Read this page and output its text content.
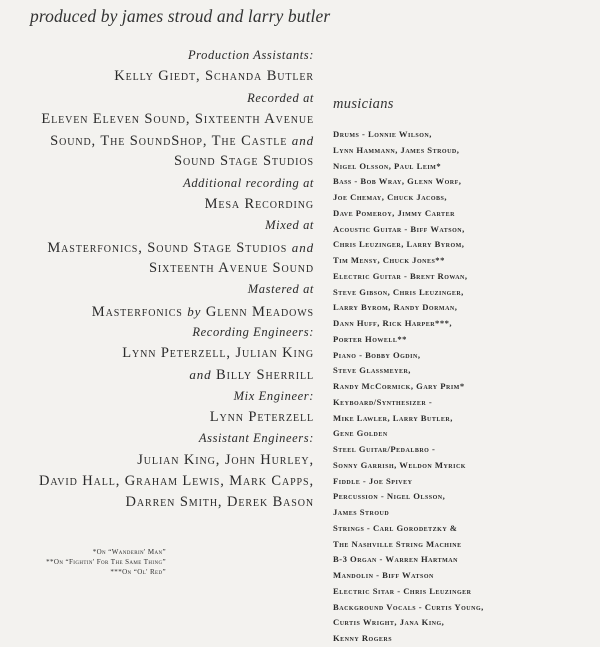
produced by james stroud and larry butler
Production Assistants:
Kelly Giedt, Schanda Butler
Recorded at
Eleven Eleven Sound, Sixteenth Avenue
Sound, The SoundShop, The Castle and
Sound Stage Studios
Additional recording at
Mesa Recording
Mixed at
Masterfonics, Sound Stage Studios and
Sixteenth Avenue Sound
Mastered at
Masterfonics by Glenn Meadows
Recording Engineers:
Lynn Peterzell, Julian King
and Billy Sherrill
Mix Engineer:
Lynn Peterzell
Assistant Engineers:
Julian King, John Hurley,
David Hall, Graham Lewis, Mark Capps,
Darren Smith, Derek Bason
*On “Wanderin' Man”
**On “Fightin' For The Same Thing”
***On “Ol' Red”
musicians
Drums - Lonnie Wilson,
Lynn Hammann, James Stroud,
Nigel Olsson, Paul Leim*
Bass - Bob Wray, Glenn Worf,
Joe Chemay, Chuck Jacobs,
Dave Pomeroy, Jimmy Carter
Acoustic Guitar - Biff Watson,
Chris Leuzinger, Larry Byrom,
Tim Mensy, Chuck Jones**
Electric Guitar - Brent Rowan,
Steve Gibson, Chris Leuzinger,
Larry Byrom, Randy Dorman,
Dann Huff, Rick Harper***,
Porter Howell**
Piano - Bobby Ogdin,
Steve Glassmeyer,
Randy McCormick, Gary Prim*
Keyboard/Synthesizer -
Mike Lawler, Larry Butler,
Gene Golden
Steel Guitar/Pedalbro -
Sonny Garrish, Weldon Myrick
Fiddle - Joe Spivey
Percussion - Nigel Olsson,
James Stroud
Strings - Carl Gorodetzky &
The Nashville String Machine
B-3 Organ - Warren Hartman
Mandolin - Biff Watson
Electric Sitar - Chris Leuzinger
Background Vocals - Curtis Young,
Curtis Wright, Jana King,
Kenny Rogers
